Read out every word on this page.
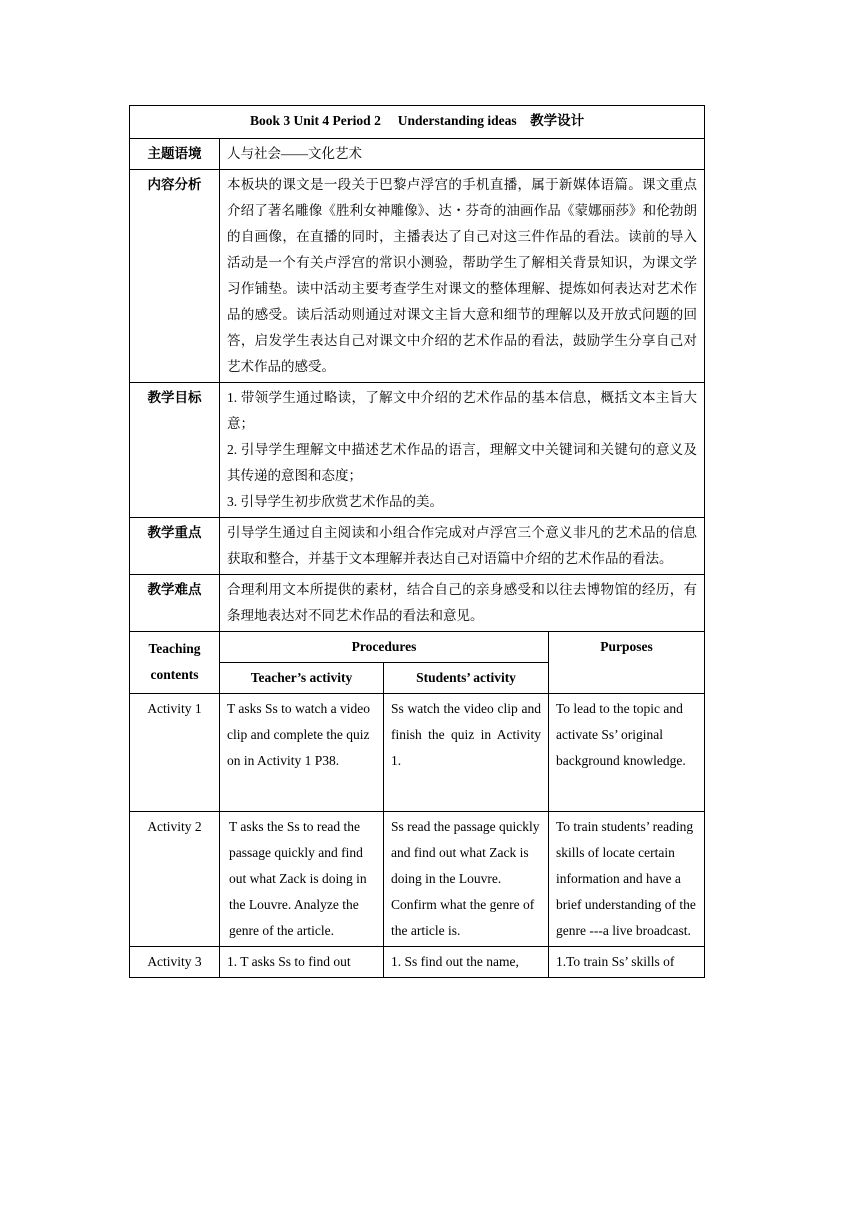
Book 3 Unit 4 Period 2　 Understanding ideas　教学设计			
主题语境	人与社会——文化艺术		
内容分析	本板块的课文是一段关于巴黎卢浮宫的手机直播，属于新媒体语篇。课文重点介绍了著名雕像《胜利女神雕像》、达・芬奇的油画作品《蒙娜丽莎》和伦勃朗的自画像，在直播的同时，主播表达了自己对这三件作品的看法。读前的导入活动是一个有关卢浮宫的常识小测验，帮助学生了解相关背景知识，为课文学习作铺垫。读中活动主要考查学生对课文的整体理解、提炼如何表达对艺术作品的感受。读后活动则通过对课文主旨大意和细节的理解以及开放式问题的回答，启发学生表达自己对课文中介绍的艺术作品的看法，鼓励学生分享自己对艺术作品的感受。		
教学目标	1. 带领学生通过略读，了解文中介绍的艺术作品的基本信息，概括文本主旨大意；

2. 引导学生理解文中描述艺术作品的语言，理解文中关键词和关键句的意义及其传递的意图和态度；

3. 引导学生初步欣赏艺术作品的美。		

教学重点	引导学生通过自主阅读和小组合作完成对卢浮宫三个意义非凡的艺术品的信息获取和整合，并基于文本理解并表达自己对语篇中介绍的艺术作品的看法。		
教学难点	合理利用文本所提供的素材，结合自己的亲身感受和以往去博物馆的经历，有条理地表达对不同艺术作品的看法和意见。		
Teaching contents	Procedures		Purposes
	Teacher’s activity	Students’ activity	
Activity 1	T asks Ss to watch a video clip and complete the quiz on in Activity 1 P38.	Ss watch the video clip and finish the quiz in Activity 1.	To lead to the topic and activate Ss’ original background knowledge.
Activity 2	T asks the Ss to read the passage quickly and find out what Zack is doing in the Louvre. Analyze the genre of the article.	Ss read the passage quickly and find out what Zack is doing in the Louvre. Confirm what the genre of the article is.	To train students’ reading skills of locate certain information and have a brief understanding of the genre ---a live broadcast.
Activity 3	1. T asks Ss to find out	1. Ss find out the name,	1.To train Ss’ skills of
